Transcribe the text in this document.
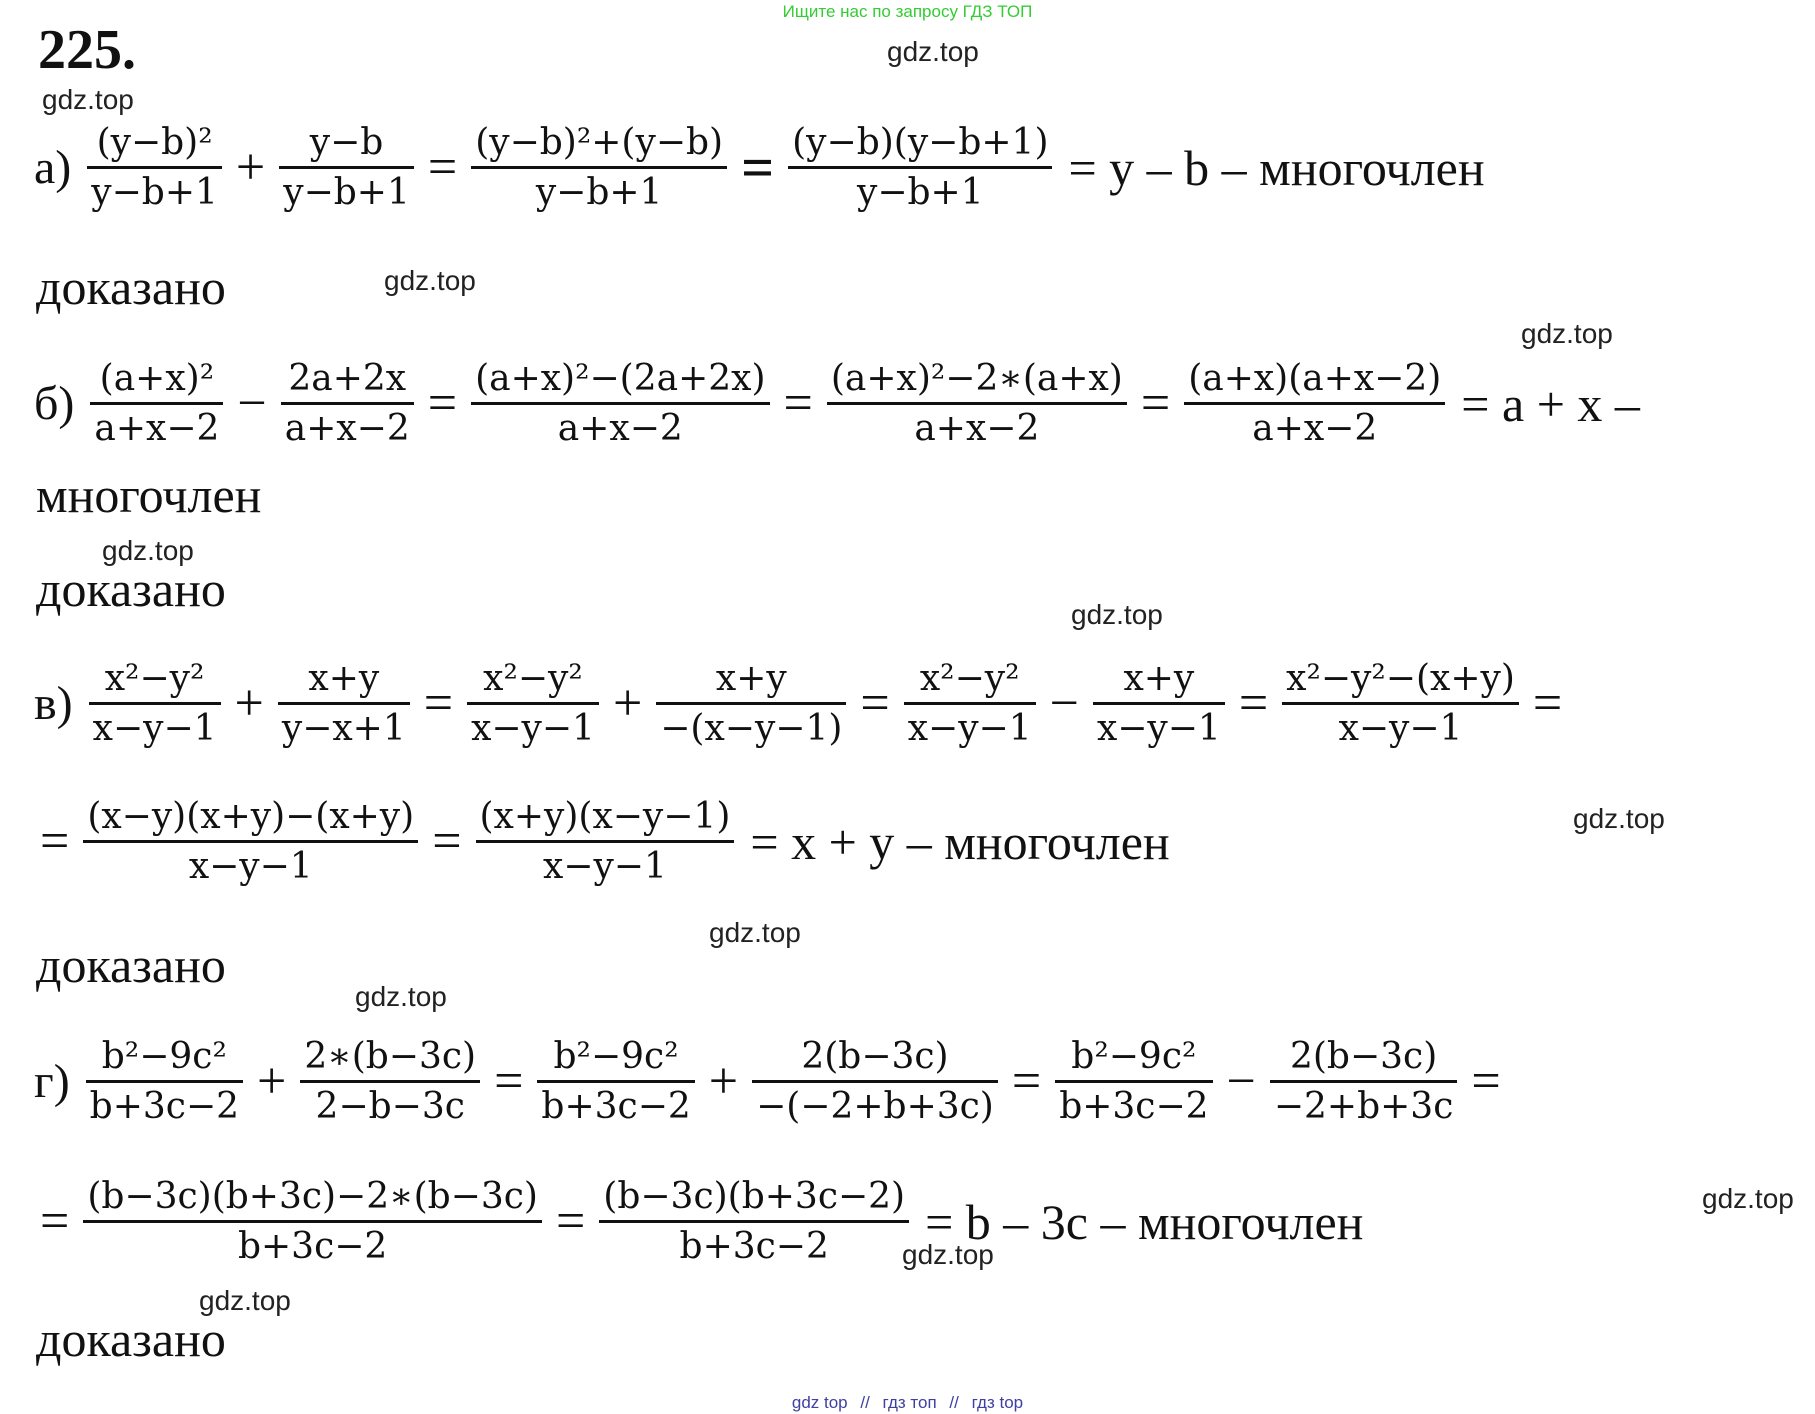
Ищите нас по запросу ГДЗ ТОП
225.	gdz.top
gdz.top
gdz.top
gdz.top
gdz.top
gdz.top
gdz.top
gdz.top
gdz.top
gdz.top
gdz.top
gdz.top
$а) \frac{\text{(y−b)²}}{y-b+1} + \frac{y-b}{y-b+1} = \frac{\text{(y−b)²+(y−b)}}{y-b+1} = \frac{(y-b)(y-b+1)}{y-b+1} = y - b$ – многочлен
доказано
$б) \frac{\text{(a+x)²}}{a+x-2} - \frac{2a+2x}{a+x-2} = \frac{\text{(a+x)²−(2a+2x)}}{a+x-2} = \frac{\text{(a+x)²−2∗(a+x)}}{a+x-2} = \frac{(a+x)(a+x-2)}{a+x-2} = a + x$ –
многочлен
доказано
$в) \frac{\text{x²−y²}}{x-y-1} + \frac{x+y}{y-x+1} = \frac{\text{x²−y²}}{x-y-1} + \frac{x+y}{-(x-y-1)} = \frac{\text{x²−y²}}{x-y-1} - \frac{x+y}{x-y-1} = \frac{\text{x²−y²−(x+y)}}{x-y-1}$ =
= $\frac{(x-y)(x+y)-(x+y)}{x-y-1} = \frac{(x+y)(x-y-1)}{x-y-1} = x + y$ – многочлен
доказано
$г) \frac{\text{b²−9c²}}{b+3c-2} + \frac{2∗(b-3c)}{2-b-3c} = \frac{\text{b²−9c²}}{b+3c-2} + \frac{2(b-3c)}{-(-2+b+3c)} = \frac{\text{b²−9c²}}{b+3c-2} - \frac{2(b-3c)}{-2+b+3c}$ =
= $\frac{(b-3c)(b+3c)-2∗(b-3c)}{b+3c-2} = \frac{(b-3c)(b+3c-2)}{b+3c-2} = b - 3c$ – многочлен
доказано
gdz top // гдз топ // гдз top
